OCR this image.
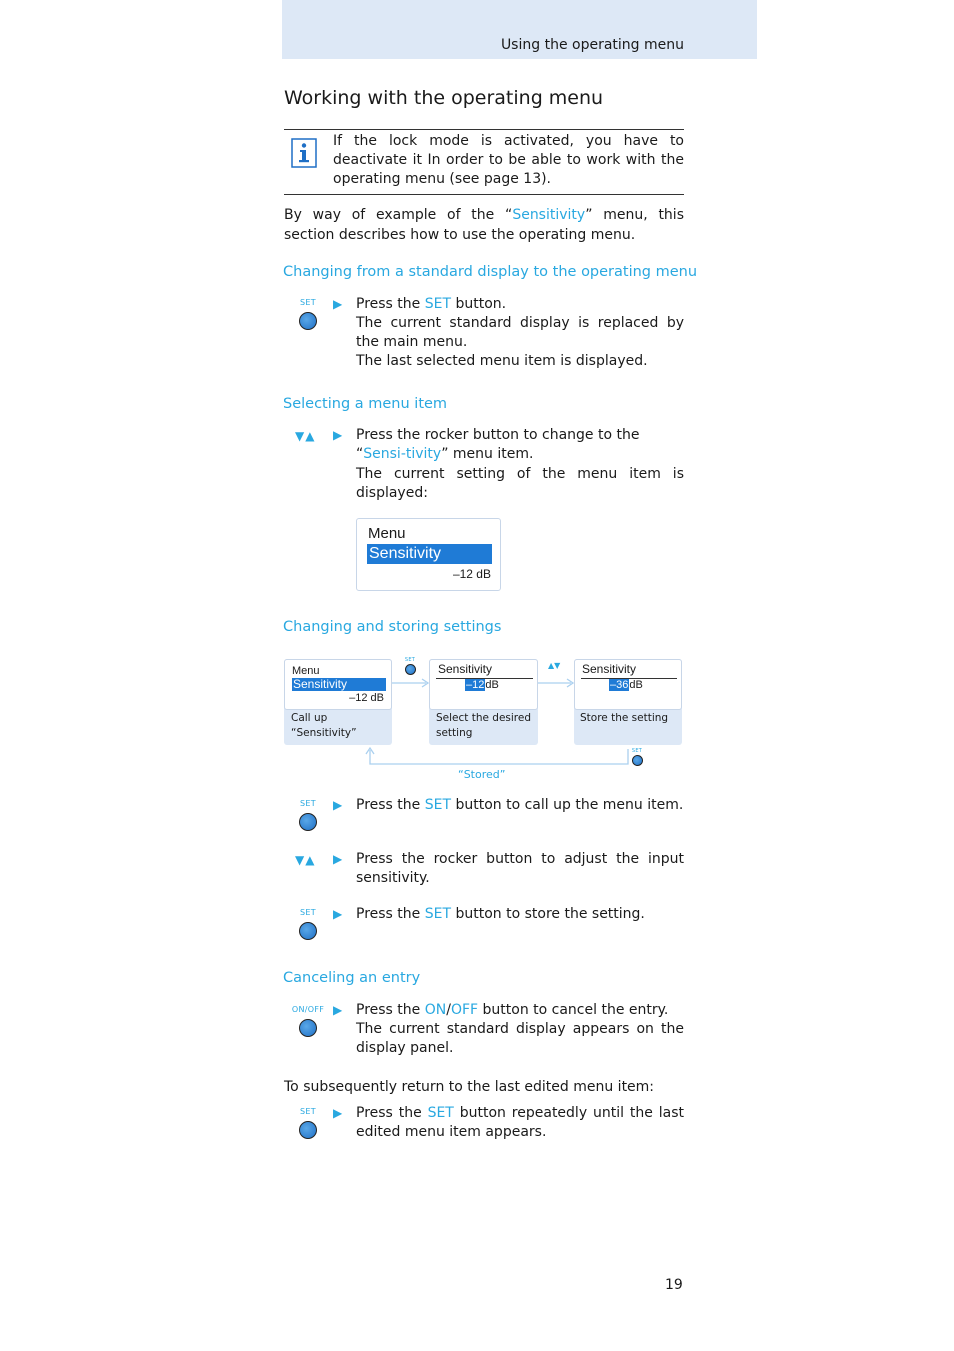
Using the operating menu
Working with the operating menu
If the lock mode is activated, you have to deactivate it In order to be able to work with the operating menu (see page 13).
By way of example of the “Sensitivity” menu, this section describes how to use the operating menu.
Changing from a standard display to the operating menu
SET	▶ Press the SET button.
The current standard display is replaced by the main menu.
The last selected menu item is displayed.
Selecting a menu item
▼▲ ▶ Press the rocker button to change to the “Sensi-tivity” menu item.
The current setting of the menu item is displayed:
Menu
Sensitivity
–12 dB
Changing and storing settings
SET
▲▼
Menu
Sensitivity
–12 dB
Call up
“Sensitivity”
Sensitivity
–12dB
Select the desired
setting
Sensitivity
–36dB
Store the setting
SET
“Stored”
SET	▶ Press the SET button to call up the menu item.
▼▲ ▶ Press the rocker button to adjust the input sensitivity.
SET	▶ Press the SET button to store the setting.
Canceling an entry
ON/OFF ▶ Press the ON/OFF button to cancel the entry.
The current standard display appears on the display panel.
To subsequently return to the last edited menu item:
SET	▶ Press the SET button repeatedly until the last edited menu item appears.
19
